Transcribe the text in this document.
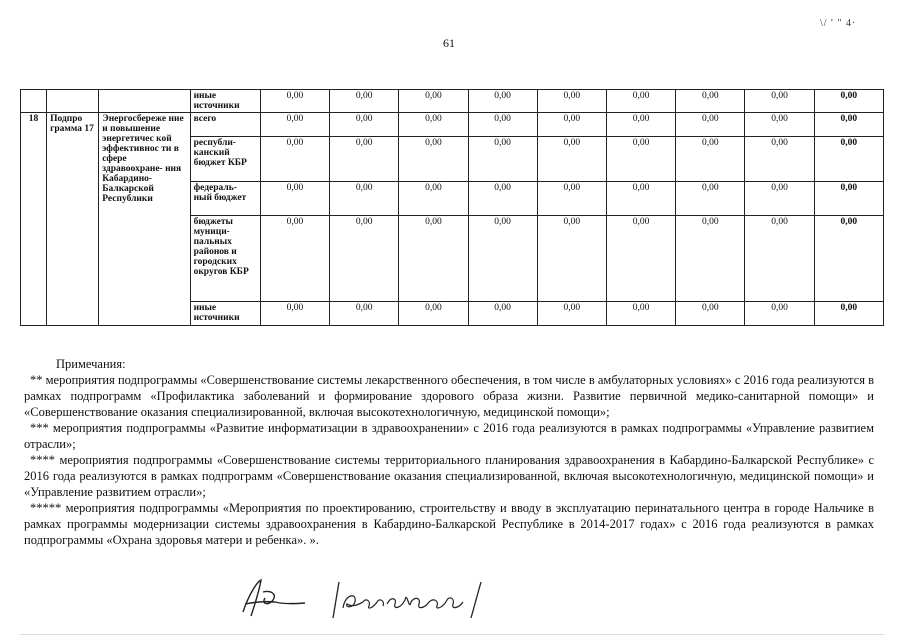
61
\/ ' " 4·
			иные источники	0,00	0,00	0,00	0,00	0,00	0,00	0,00	0,00	0,00
18	Подпро грамма 17	Энергосбереже ние и повышение энергетичес кой эффективнос ти в сфере здравоохране- ния Кабардино- Балкарской Республики	всего	0,00	0,00	0,00	0,00	0,00	0,00	0,00	0,00	0,00
			республи- канский бюджет КБР	0,00	0,00	0,00	0,00	0,00	0,00	0,00	0,00	0,00
			федераль- ный бюджет	0,00	0,00	0,00	0,00	0,00	0,00	0,00	0,00	0,00
			бюджеты муници- пальных районов и городских округов КБР	0,00	0,00	0,00	0,00	0,00	0,00	0,00	0,00	0,00
			иные источники	0,00	0,00	0,00	0,00	0,00	0,00	0,00	0,00	0,00

Примечания:

** мероприятия подпрограммы «Совершенствование системы лекарственного обеспечения, в том числе в амбулаторных условиях» с 2016 года реализуются в рамках подпрограмм «Профилактика заболеваний и формирование здорового образа жизни. Развитие первичной медико-санитарной помощи» и «Совершенствование оказания специализированной, включая высокотехнологичную, медицинской помощи»;

*** мероприятия подпрограммы «Развитие информатизации в здравоохранении» с 2016 года реализуются в рамках подпрограммы «Управление развитием отрасли»;

**** мероприятия подпрограммы «Совершенствование системы территориального планирования здравоохранения в Кабардино-Балкарской Республике» с 2016 года реализуются в рамках подпрограмм «Совершенствование оказания специализированной, включая высокотехнологичную, медицинской помощи» и «Управление развитием отрасли»;

***** мероприятия подпрограммы «Мероприятия по проектированию, строительству и вводу в эксплуатацию перинатального центра в городе Нальчике в рамках программы модернизации системы здравоохранения в Кабардино-Балкарской Республике в 2014-2017 годах» с 2016 года реализуются в рамках подпрограммы «Охрана здоровья матери и ребенка». ».
